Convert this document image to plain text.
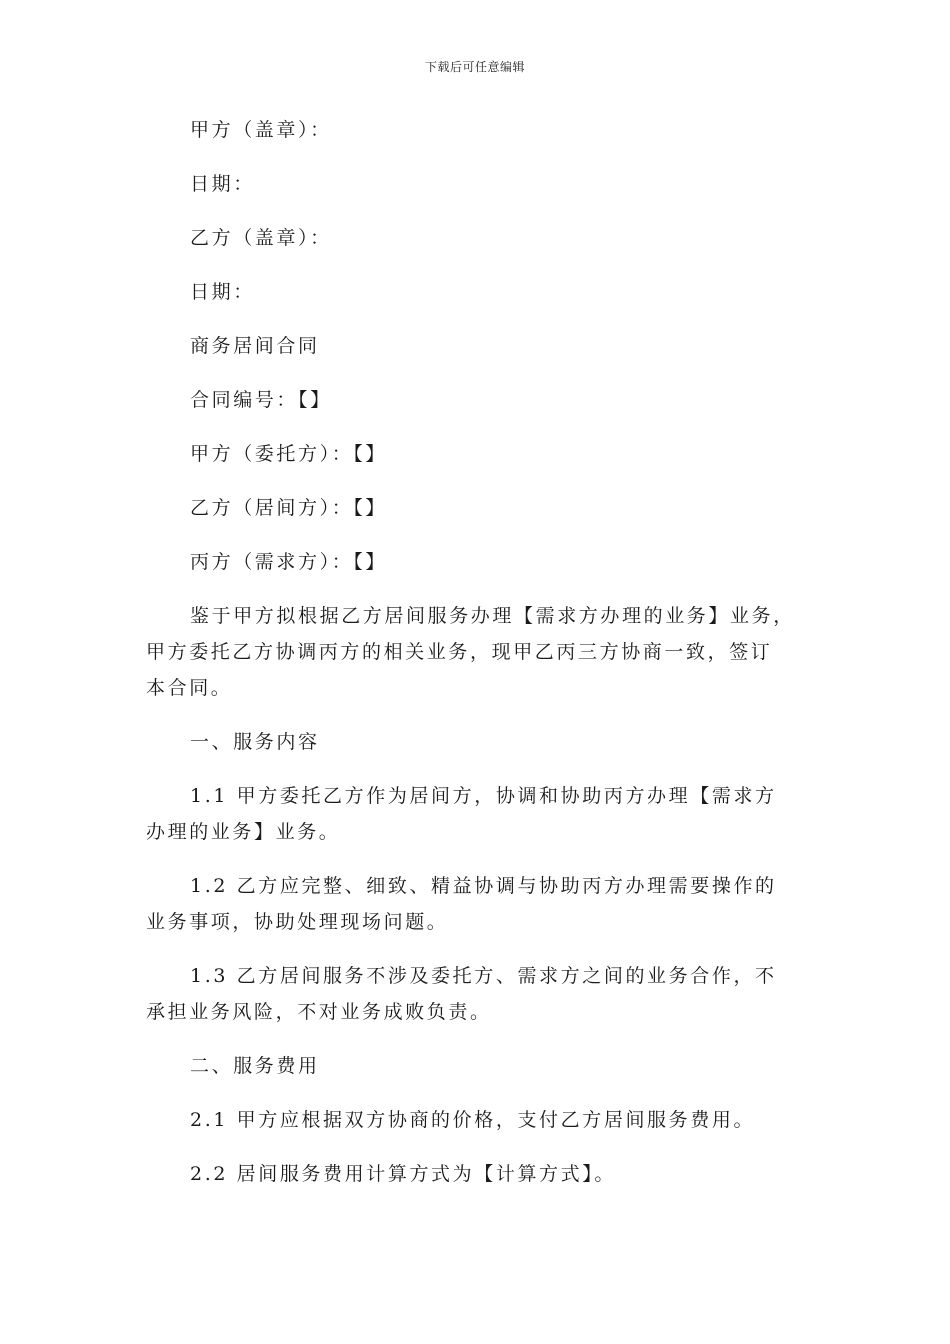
下载后可任意编辑

甲方（盖章）：

日期：

乙方（盖章）：

日期：

商务居间合同

合同编号：【】

甲方（委托方）：【】

乙方（居间方）：【】

丙方（需求方）：【】

鉴于甲方拟根据乙方居间服务办理【需求方办理的业务】业务，

甲方委托乙方协调丙方的相关业务，现甲乙丙三方协商一致，签订

本合同。

一、服务内容

1.1 甲方委托乙方作为居间方，协调和协助丙方办理【需求方

办理的业务】业务。

1.2 乙方应完整、细致、精益协调与协助丙方办理需要操作的

业务事项，协助处理现场问题。

1.3 乙方居间服务不涉及委托方、需求方之间的业务合作，不

承担业务风险，不对业务成败负责。

二、服务费用

2.1 甲方应根据双方协商的价格，支付乙方居间服务费用。

2.2 居间服务费用计算方式为【计算方式】。
